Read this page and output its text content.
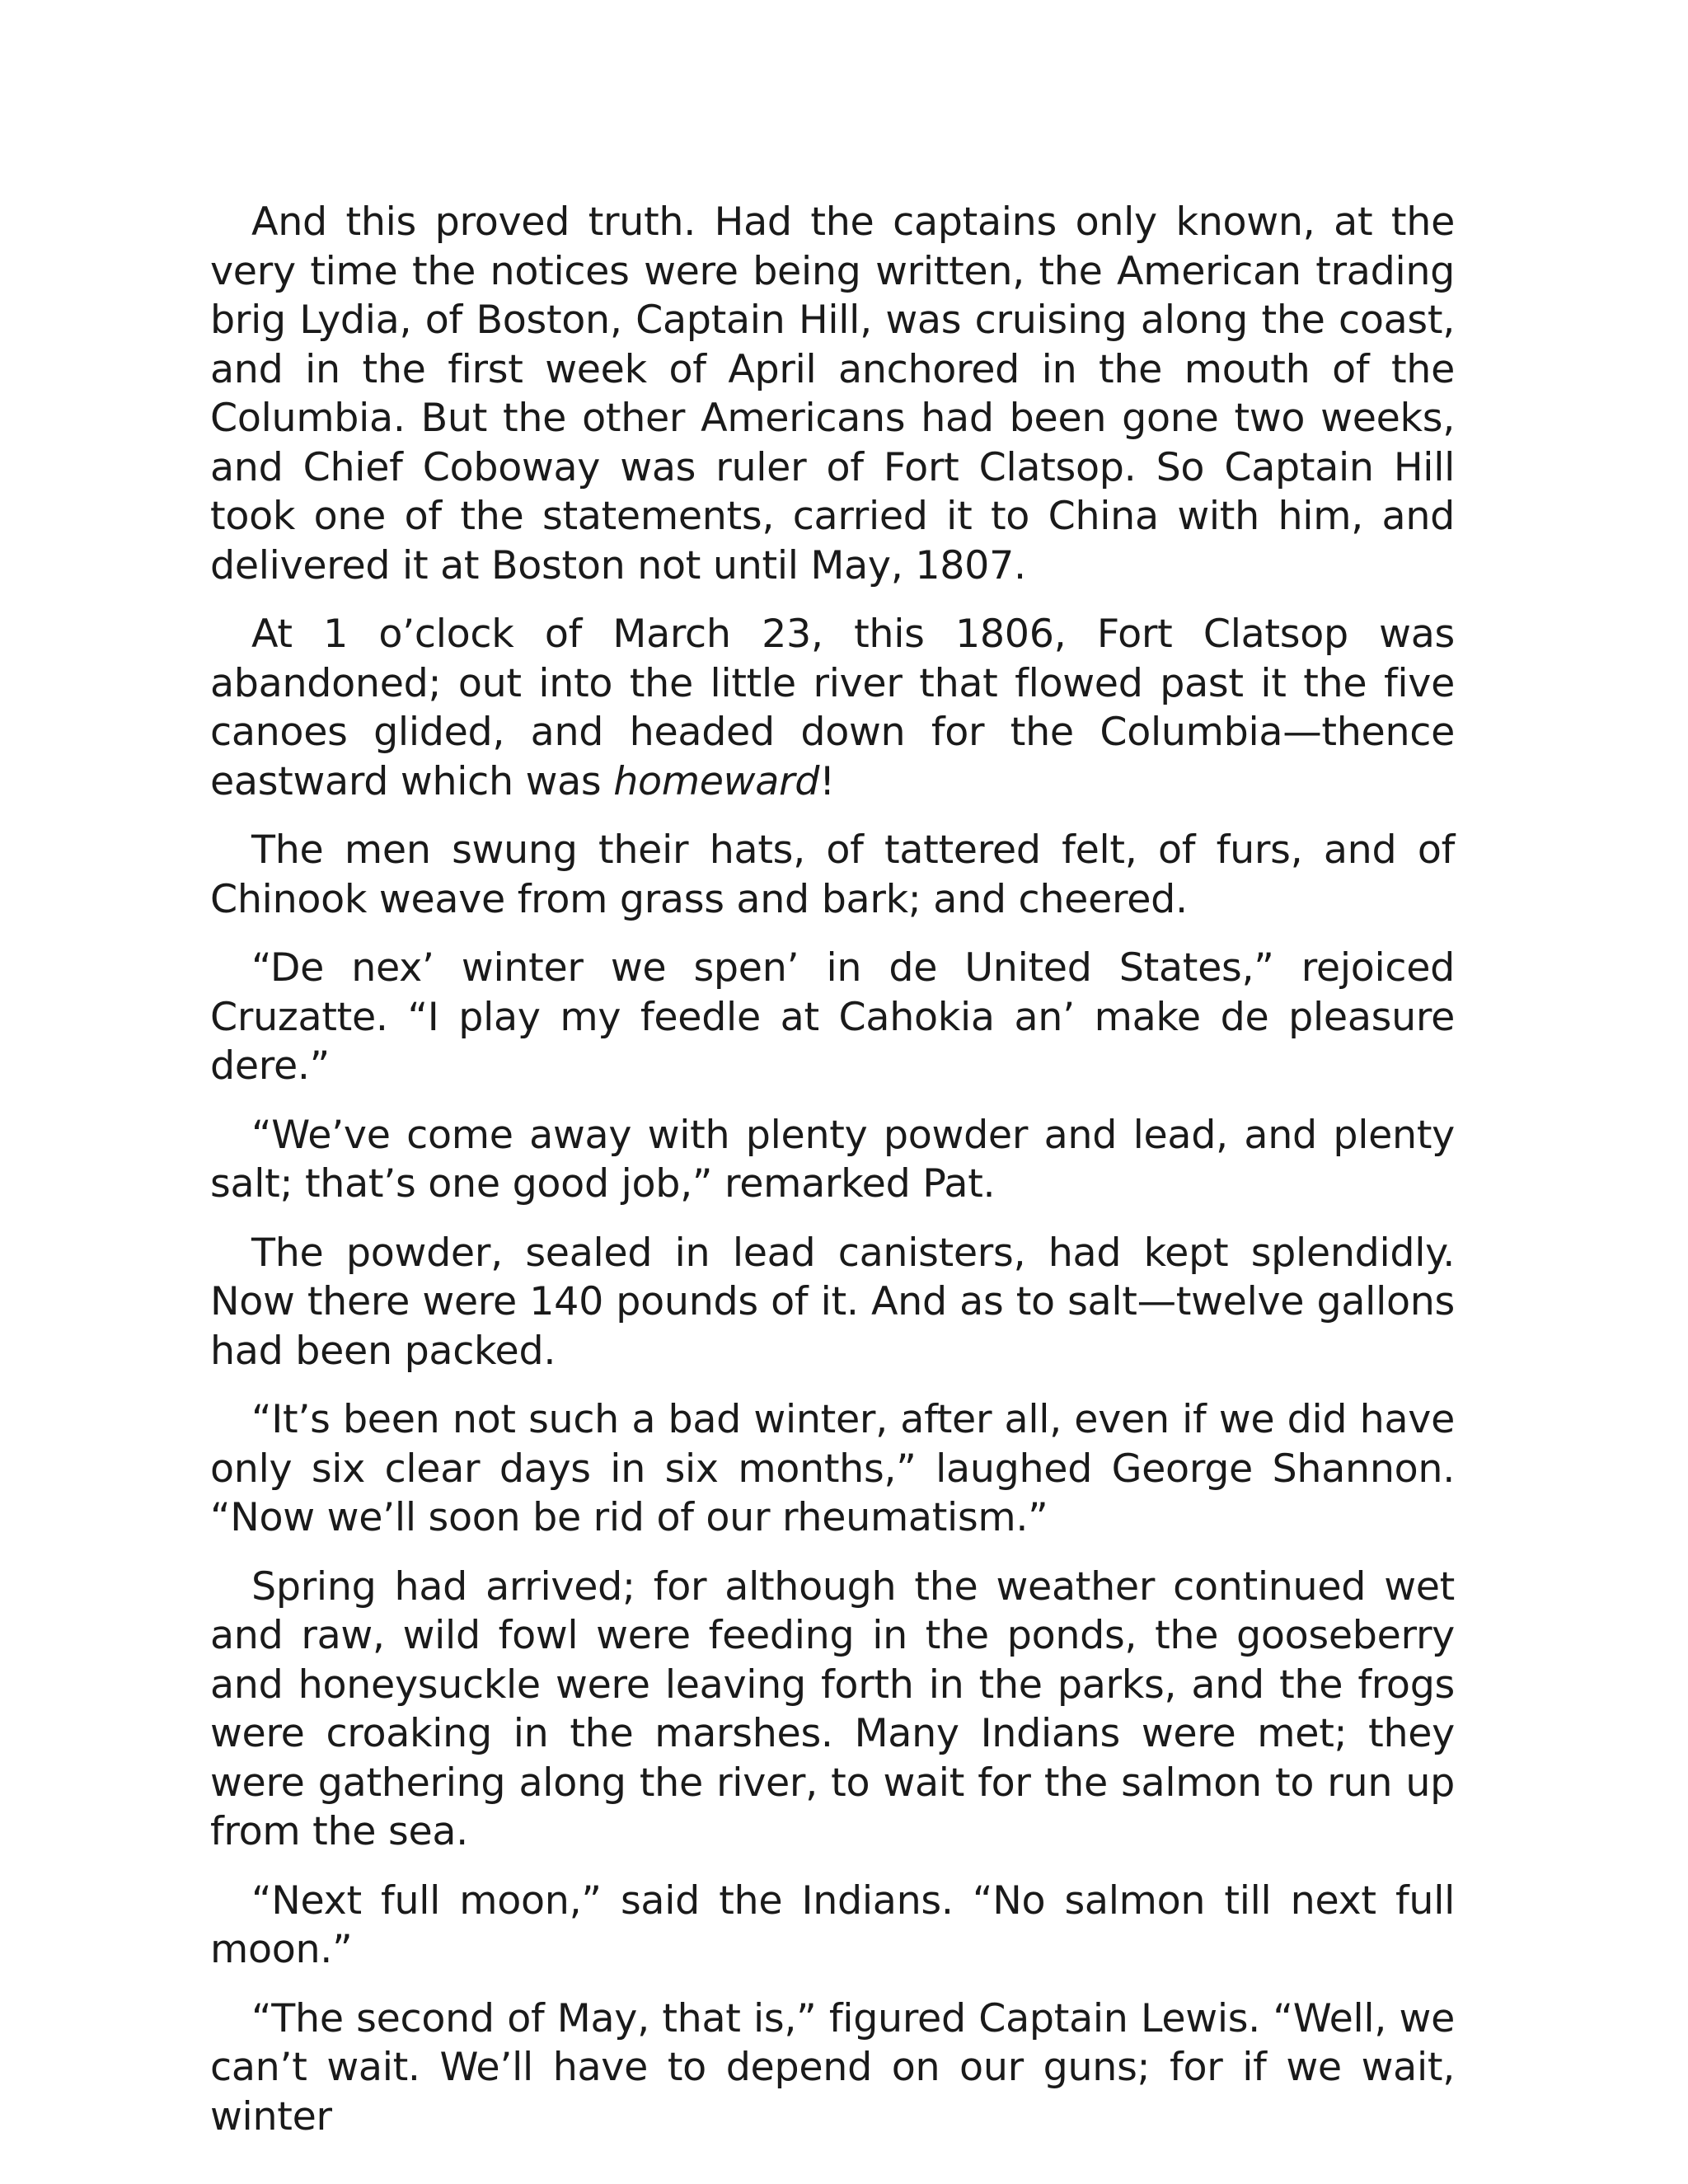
And this proved truth. Had the captains only known, at the very time the notices were being written, the American trading brig Lydia, of Boston, Captain Hill, was cruising along the coast, and in the first week of April anchored in the mouth of the Columbia. But the other Americans had been gone two weeks, and Chief Coboway was ruler of Fort Clatsop. So Captain Hill took one of the statements, carried it to China with him, and delivered it at Boston not until May, 1807.

At 1 o’clock of March 23, this 1806, Fort Clatsop was abandoned; out into the little river that flowed past it the five canoes glided, and headed down for the Columbia—thence eastward which was homeward!

The men swung their hats, of tattered felt, of furs, and of Chinook weave from grass and bark; and cheered.

“De nex’ winter we spen’ in de United States,” rejoiced Cruzatte. “I play my feedle at Cahokia an’ make de pleasure dere.”

“We’ve come away with plenty powder and lead, and plenty salt; that’s one good job,” remarked Pat.

The powder, sealed in lead canisters, had kept splendidly. Now there were 140 pounds of it. And as to salt—twelve gallons had been packed.

“It’s been not such a bad winter, after all, even if we did have only six clear days in six months,” laughed George Shannon. “Now we’ll soon be rid of our rheumatism.”

Spring had arrived; for although the weather continued wet and raw, wild fowl were feeding in the ponds, the gooseberry and honeysuckle were leaving forth in the parks, and the frogs were croaking in the marshes. Many Indians were met; they were gathering along the river, to wait for the salmon to run up from the sea.

“Next full moon,” said the Indians. “No salmon till next full moon.”

“The second of May, that is,” figured Captain Lewis. “Well, we can’t wait. We’ll have to depend on our guns; for if we wait, winter
